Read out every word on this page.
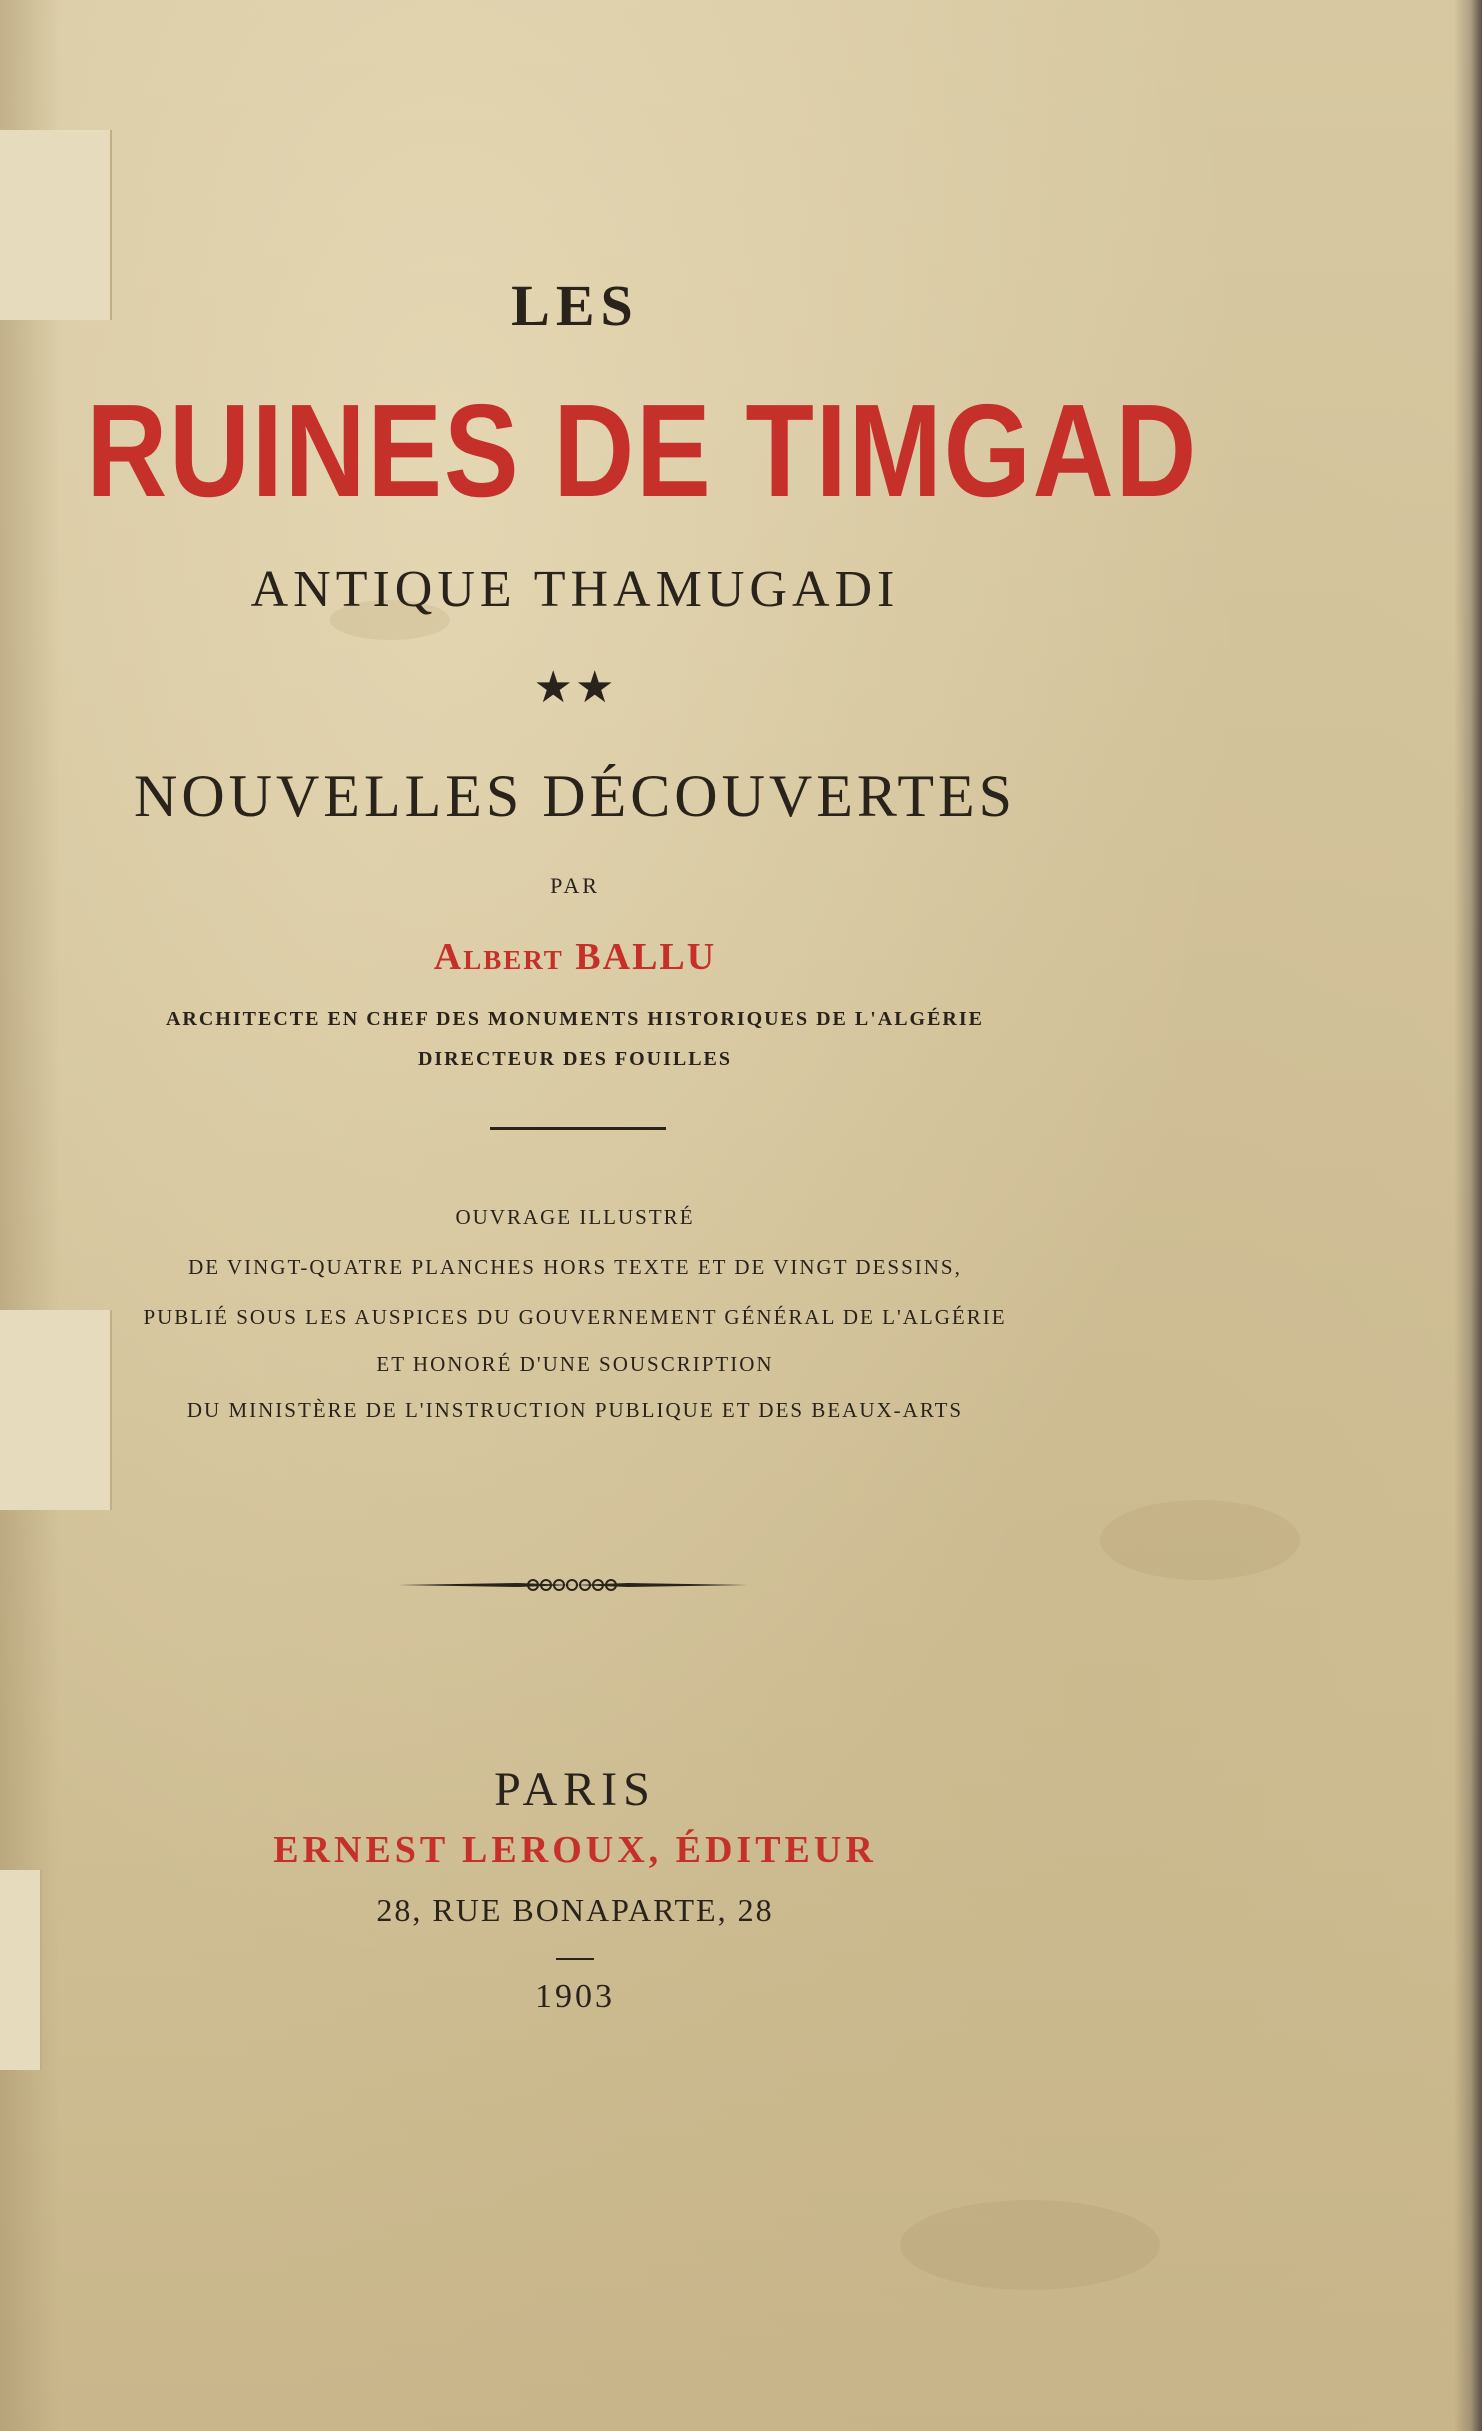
LES
RUINES DE TIMGAD
ANTIQUE THAMUGADI
★★
NOUVELLES DÉCOUVERTES
PAR
Albert BALLU
ARCHITECTE EN CHEF DES MONUMENTS HISTORIQUES DE L'ALGÉRIE
DIRECTEUR DES FOUILLES
OUVRAGE ILLUSTRÉ
DE VINGT-QUATRE PLANCHES HORS TEXTE ET DE VINGT DESSINS,
PUBLIÉ SOUS LES AUSPICES DU GOUVERNEMENT GÉNÉRAL DE L'ALGÉRIE
ET HONORÉ D'UNE SOUSCRIPTION
DU MINISTÈRE DE L'INSTRUCTION PUBLIQUE ET DES BEAUX-ARTS
PARIS
ERNEST LEROUX, ÉDITEUR
28, RUE BONAPARTE, 28
1903
